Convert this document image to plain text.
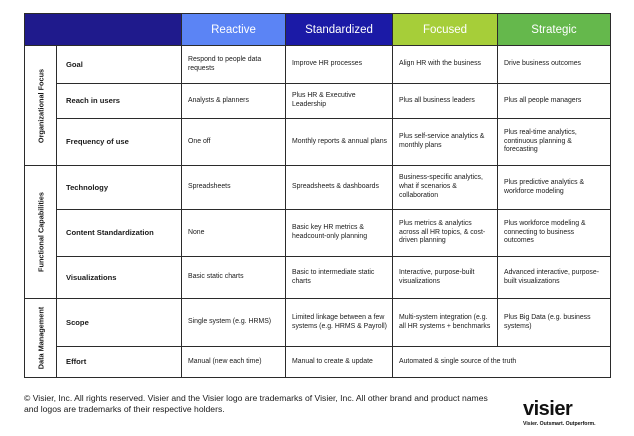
		Reactive	Standardized	Focused	Strategic

Organizational Focus	Goal	Respond to people data requests	Improve HR processes	Align HR with the business	Drive business outcomes
	Reach in users	Analysts & planners	Plus HR & Executive Leadership	Plus all business leaders	Plus all people managers
	Frequency of use	One off	Monthly reports & annual plans	Plus self-service analytics & monthly plans	Plus real-time analytics, continuous planning & forecasting

Functional Capabilities	Technology	Spreadsheets	Spreadsheets & dashboards	Business-specific analytics, what if scenarios & collaboration	Plus predictive analytics & workforce modeling
	Content Standardization	None	Basic key HR metrics & headcount-only planning	Plus metrics & analytics across all HR topics, & cost-driven planning	Plus workforce modeling & connecting to business outcomes
	Visualizations	Basic static charts	Basic to intermediate static charts	Interactive, purpose-built visualizations	Advanced interactive, purpose-built visualizations

Data Management	Scope	Single system (e.g. HRMS)	Limited linkage between a few systems (e.g. HRMS & Payroll)	Multi-system integration (e.g. all HR systems + benchmarks	Plus Big Data (e.g. business systems)
	Effort	Manual (new each time)	Manual to create & update	Automated & single source of the truth	
© Visier, Inc. All rights reserved. Visier and the Visier logo are trademarks of Visier, Inc. All other brand and product names and logos are trademarks of their respective holders.	visier
Visier. Outsmart. Outperform.
